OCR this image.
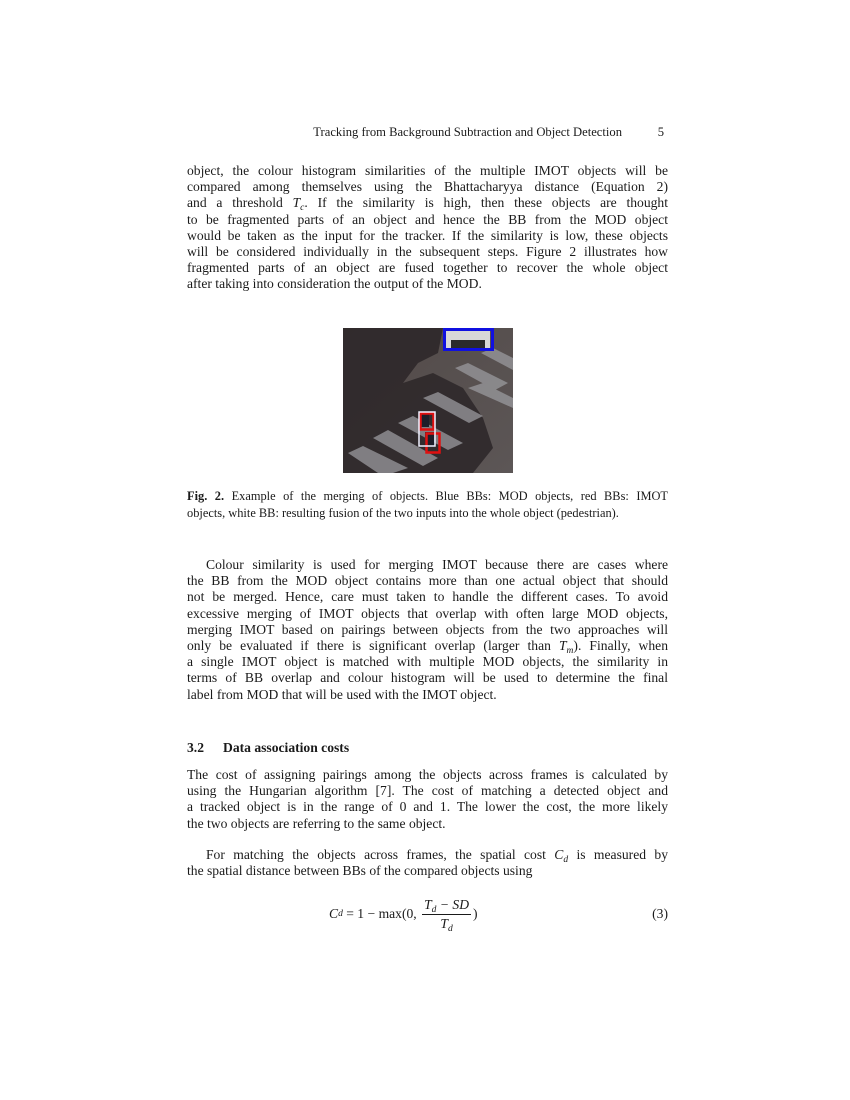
Tracking from Background Subtraction and Object Detection	5
object, the colour histogram similarities of the multiple IMOT objects will be
compared among themselves using the Bhattacharyya distance (Equation 2)
and a threshold $T_c$. If the similarity is high, then these objects are thought
to be fragmented parts of an object and hence the BB from the MOD object
would be taken as the input for the tracker. If the similarity is low, these objects
will be considered individually in the subsequent steps. Figure 2 illustrates how
fragmented parts of an object are fused together to recover the whole object
after taking into consideration the output of the MOD.
Fig. 2. Example of the merging of objects. Blue BBs: MOD objects, red BBs: IMOT
objects, white BB: resulting fusion of the two inputs into the whole object (pedestrian).
Colour similarity is used for merging IMOT because there are cases where
the BB from the MOD object contains more than one actual object that should
not be merged. Hence, care must taken to handle the different cases. To avoid
excessive merging of IMOT objects that overlap with often large MOD objects,
merging IMOT based on pairings between objects from the two approaches will
only be evaluated if there is significant overlap (larger than $T_m$). Finally, when
a single IMOT object is matched with multiple MOD objects, the similarity in
terms of BB overlap and colour histogram will be used to determine the final
label from MOD that will be used with the IMOT object.
3.2 Data association costs
The cost of assigning pairings among the objects across frames is calculated by
using the Hungarian algorithm [7]. The cost of matching a detected object and
a tracked object is in the range of 0 and 1. The lower the cost, the more likely
the two objects are referring to the same object.
For matching the objects across frames, the spatial cost $C_d$ is measured by
the spatial distance between BBs of the compared objects using
C d = 1 − max(0, $\frac{T_d - SD}{T_d}$ )	(3)
